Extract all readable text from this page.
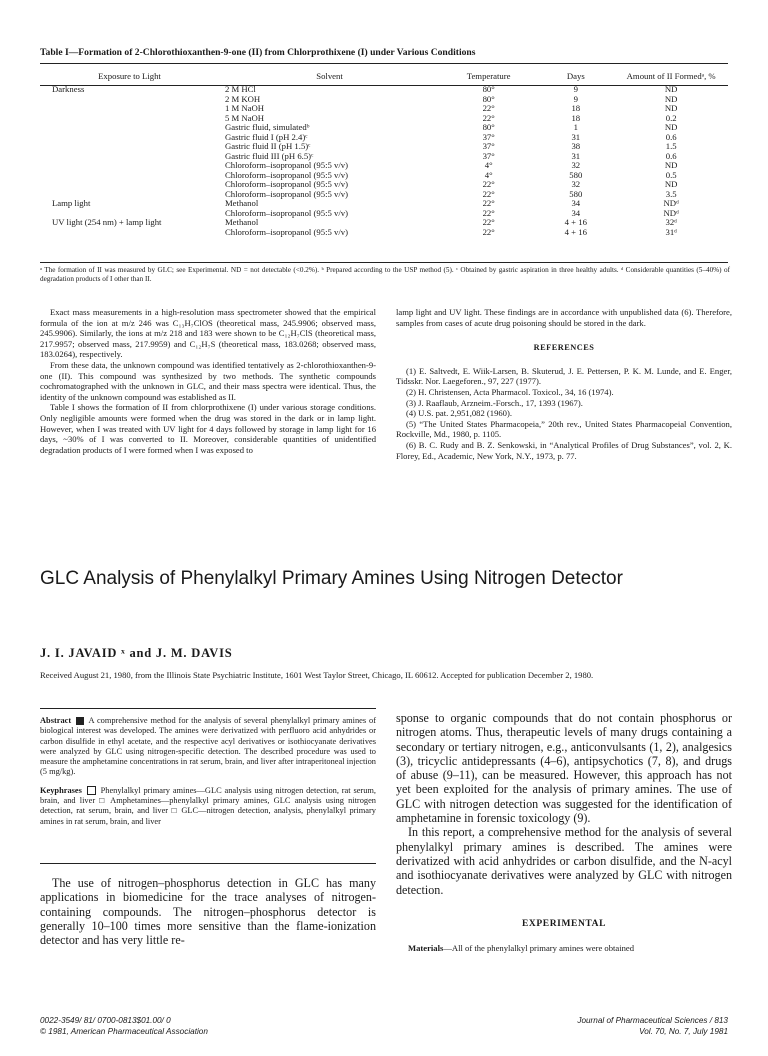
Table I—Formation of 2-Chlorothioxanthen-9-one (II) from Chlorprothixene (I) under Various Conditions
Exposure to Light	Solvent	Temperature	Days	Amount of II Formedᵃ, %
Darkness	2 M HCl	80°	9	ND
	2 M KOH	80°	9	ND
	1 M NaOH	22°	18	ND
	5 M NaOH	22°	18	0.2
	Gastric fluid, simulatedᵇ	80°	1	ND
	Gastric fluid I (pH 2.4)ᶜ	37°	31	0.6
	Gastric fluid II (pH 1.5)ᶜ	37°	38	1.5
	Gastric fluid III (pH 6.5)ᶜ	37°	31	0.6
	Chloroform–isopropanol (95:5 v/v)	4°	32	ND
	Chloroform–isopropanol (95:5 v/v)	4°	580	0.5
	Chloroform–isopropanol (95:5 v/v)	22°	32	ND
	Chloroform–isopropanol (95:5 v/v)	22°	580	3.5
Lamp light	Methanol	22°	34	NDᵈ
	Chloroform–isopropanol (95:5 v/v)	22°	34	NDᵈ
UV light (254 nm) + lamp light	Methanol	22°	4 + 16	32ᵈ
	Chloroform–isopropanol (95:5 v/v)	22°	4 + 16	31ᵈ
ᵃ The formation of II was measured by GLC; see Experimental. ND = not detectable (<0.2%). ᵇ Prepared according to the USP method (5). ᶜ Obtained by gastric aspiration in three healthy adults. ᵈ Considerable quantities (5–40%) of degradation products of I other than II.

Exact mass measurements in a high-resolution mass spectrometer showed that the empirical formula of the ion at m/z 246 was C₁₃H₇ClOS (theoretical mass, 245.9906; observed mass, 245.9906). Similarly, the ions at m/z 218 and 183 were shown to be C₁₂H₇ClS (theoretical mass, 217.9957; observed mass, 217.9959) and C₁₂H₇S (theoretical mass, 183.0268; observed mass, 183.0264), respectively.

From these data, the unknown compound was identified tentatively as 2-chlorothioxanthen-9-one (II). This compound was synthesized by two methods. The synthetic compounds cochromatographed with the unknown in GLC, and their mass spectra were identical. Thus, the identity of the unknown compound was established as II.

Table I shows the formation of II from chlorprothixene (I) under various storage conditions. Only negligible amounts were formed when the drug was stored in the dark or in lamp light. However, when I was treated with UV light for 4 days followed by storage in lamp light for 16 days, ~30% of I was converted to II. Moreover, considerable quantities of unidentified degradation products of I were formed when I was exposed to

lamp light and UV light. These findings are in accordance with unpublished data (6). Therefore, samples from cases of acute drug poisoning should be stored in the dark.

REFERENCES

(1) E. Saltvedt, E. Wiik-Larsen, B. Skuterud, J. E. Pettersen, P. K. M. Lunde, and E. Enger, Tidsskr. Nor. Laegeforen., 97, 227 (1977).

(2) H. Christensen, Acta Pharmacol. Toxicol., 34, 16 (1974).

(3) J. Raaflaub, Arzneim.-Forsch., 17, 1393 (1967).

(4) U.S. pat. 2,951,082 (1960).

(5) “The United States Pharmacopeia,” 20th rev., United States Pharmacopeial Convention, Rockville, Md., 1980, p. 1105.

(6) B. C. Rudy and B. Z. Senkowski, in “Analytical Profiles of Drug Substances”, vol. 2, K. Florey, Ed., Academic, New York, N.Y., 1973, p. 77.

GLC Analysis of Phenylalkyl Primary Amines Using Nitrogen Detector
J. I. JAVAID ˣ and J. M. DAVIS
Received August 21, 1980, from the Illinois State Psychiatric Institute, 1601 West Taylor Street, Chicago, IL 60612. Accepted for publication December 2, 1980.

Abstract A comprehensive method for the analysis of several phenylalkyl primary amines of biological interest was developed. The amines were derivatized with perfluoro acid anhydrides or carbon disulfide in ethyl acetate, and the respective acyl derivatives or isothiocyanate derivatives were analyzed by GLC using nitrogen-specific detection. The described procedure was used to measure the amphetamine concentrations in rat serum, brain, and liver after intraperitoneal injection (5 mg/kg).

Keyphrases Phenylalkyl primary amines—GLC analysis using nitrogen detection, rat serum, brain, and liver □ Amphetamines—phenylalkyl primary amines, GLC analysis using nitrogen detection, rat serum, brain, and liver □ GLC—nitrogen detection, analysis, phenylalkyl primary amines in rat serum, brain, and liver

The use of nitrogen–phosphorus detection in GLC has many applications in biomedicine for the trace analyses of nitrogen-containing compounds. The nitrogen–phosphorus detector is generally 10–100 times more sensitive than the flame-ionization detector and has very little re-

sponse to organic compounds that do not contain phosphorus or nitrogen atoms. Thus, therapeutic levels of many drugs containing a secondary or tertiary nitrogen, e.g., anticonvulsants (1, 2), analgesics (3), tricyclic antidepressants (4–6), antipsychotics (7, 8), and drugs of abuse (9–11), can be measured. However, this approach has not yet been exploited for the analysis of primary amines. The use of GLC with nitrogen detection was suggested for the identification of amphetamine in forensic toxicology (9).

In this report, a comprehensive method for the analysis of several phenylalkyl primary amines is described. The amines were derivatized with acid anhydrides or carbon disulfide, and the N-acyl and isothiocyanate derivatives were analyzed by GLC with nitrogen detection.

EXPERIMENTAL

Materials—All of the phenylalkyl primary amines were obtained

0022-3549/ 81/ 0700-0813$01.00/ 0
© 1981, American Pharmaceutical Association
Journal of Pharmaceutical Sciences / 813
Vol. 70, No. 7, July 1981
